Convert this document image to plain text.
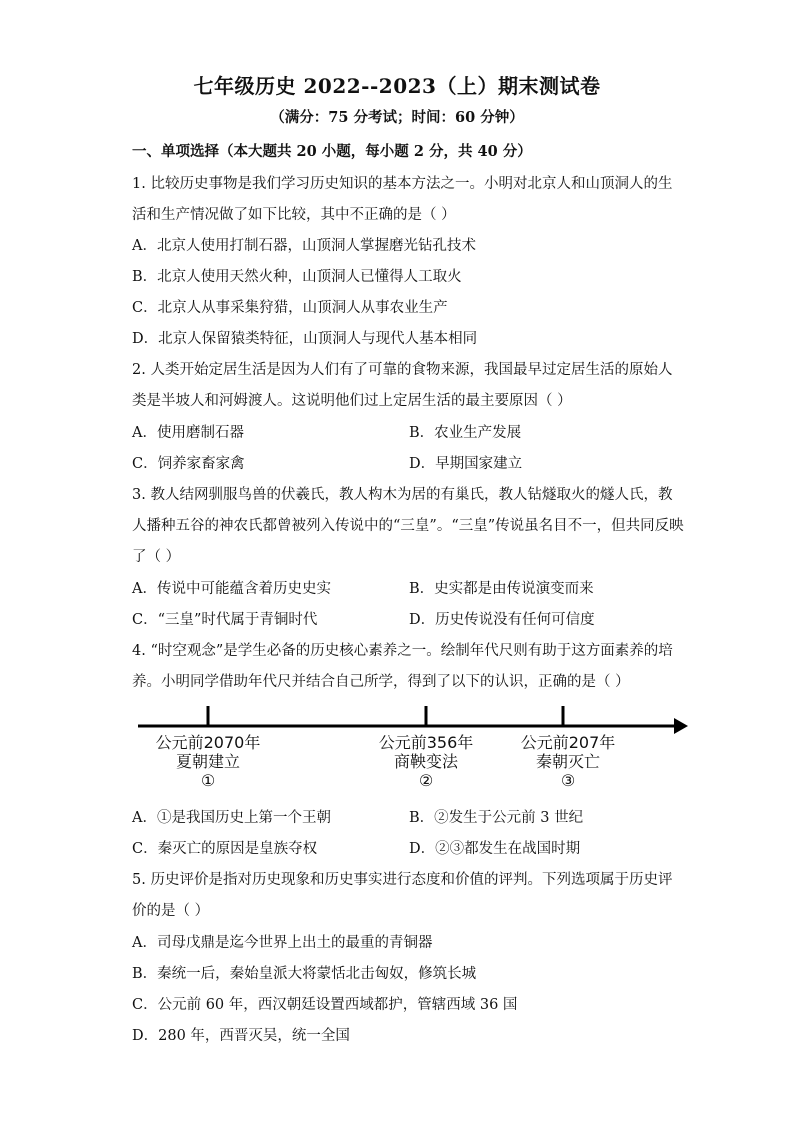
七年级历史 2022--2023（上）期末测试卷
（满分：75 分考试；时间：60 分钟）
一、单项选择（本大题共 20 小题，每小题 2 分，共 40 分）
1. 比较历史事物是我们学习历史知识的基本方法之一。小明对北京人和山顶洞人的生
活和生产情况做了如下比较，其中不正确的是（ ）
A．北京人使用打制石器，山顶洞人掌握磨光钻孔技术
B．北京人使用天然火种，山顶洞人已懂得人工取火
C．北京人从事采集狩猎，山顶洞人从事农业生产
D．北京人保留猿类特征，山顶洞人与现代人基本相同
2. 人类开始定居生活是因为人们有了可靠的食物来源，我国最早过定居生活的原始人
类是半坡人和河姆渡人。这说明他们过上定居生活的最主要原因（ ）
A．使用磨制石器	B．农业生产发展
C．饲养家畜家禽	D．早期国家建立
3. 教人结网驯服鸟兽的伏羲氏，教人构木为居的有巢氏，教人钻燧取火的燧人氏，教
人播种五谷的神农氏都曾被列入传说中的“三皇”。“三皇”传说虽名目不一，但共同反映
了（ ）
A．传说中可能蕴含着历史史实	B．史实都是由传说演变而来
C．“三皇”时代属于青铜时代	D．历史传说没有任何可信度
4. “时空观念”是学生必备的历史核心素养之一。绘制年代尺则有助于这方面素养的培
养。小明同学借助年代尺并结合自己所学，得到了以下的认识，正确的是（ ）
公元前2070年
夏朝建立
①
公元前356年
商鞅变法
②
公元前207年
秦朝灭亡
③
A．①是我国历史上第一个王朝	B．②发生于公元前 3 世纪
C．秦灭亡的原因是皇族夺权	D．②③都发生在战国时期
5. 历史评价是指对历史现象和历史事实进行态度和价值的评判。下列选项属于历史评
价的是（ ）
A．司母戊鼎是迄今世界上出土的最重的青铜器
B．秦统一后，秦始皇派大将蒙恬北击匈奴，修筑长城
C．公元前 60 年，西汉朝廷设置西域都护，管辖西域 36 国
D．280 年，西晋灭吴，统一全国
